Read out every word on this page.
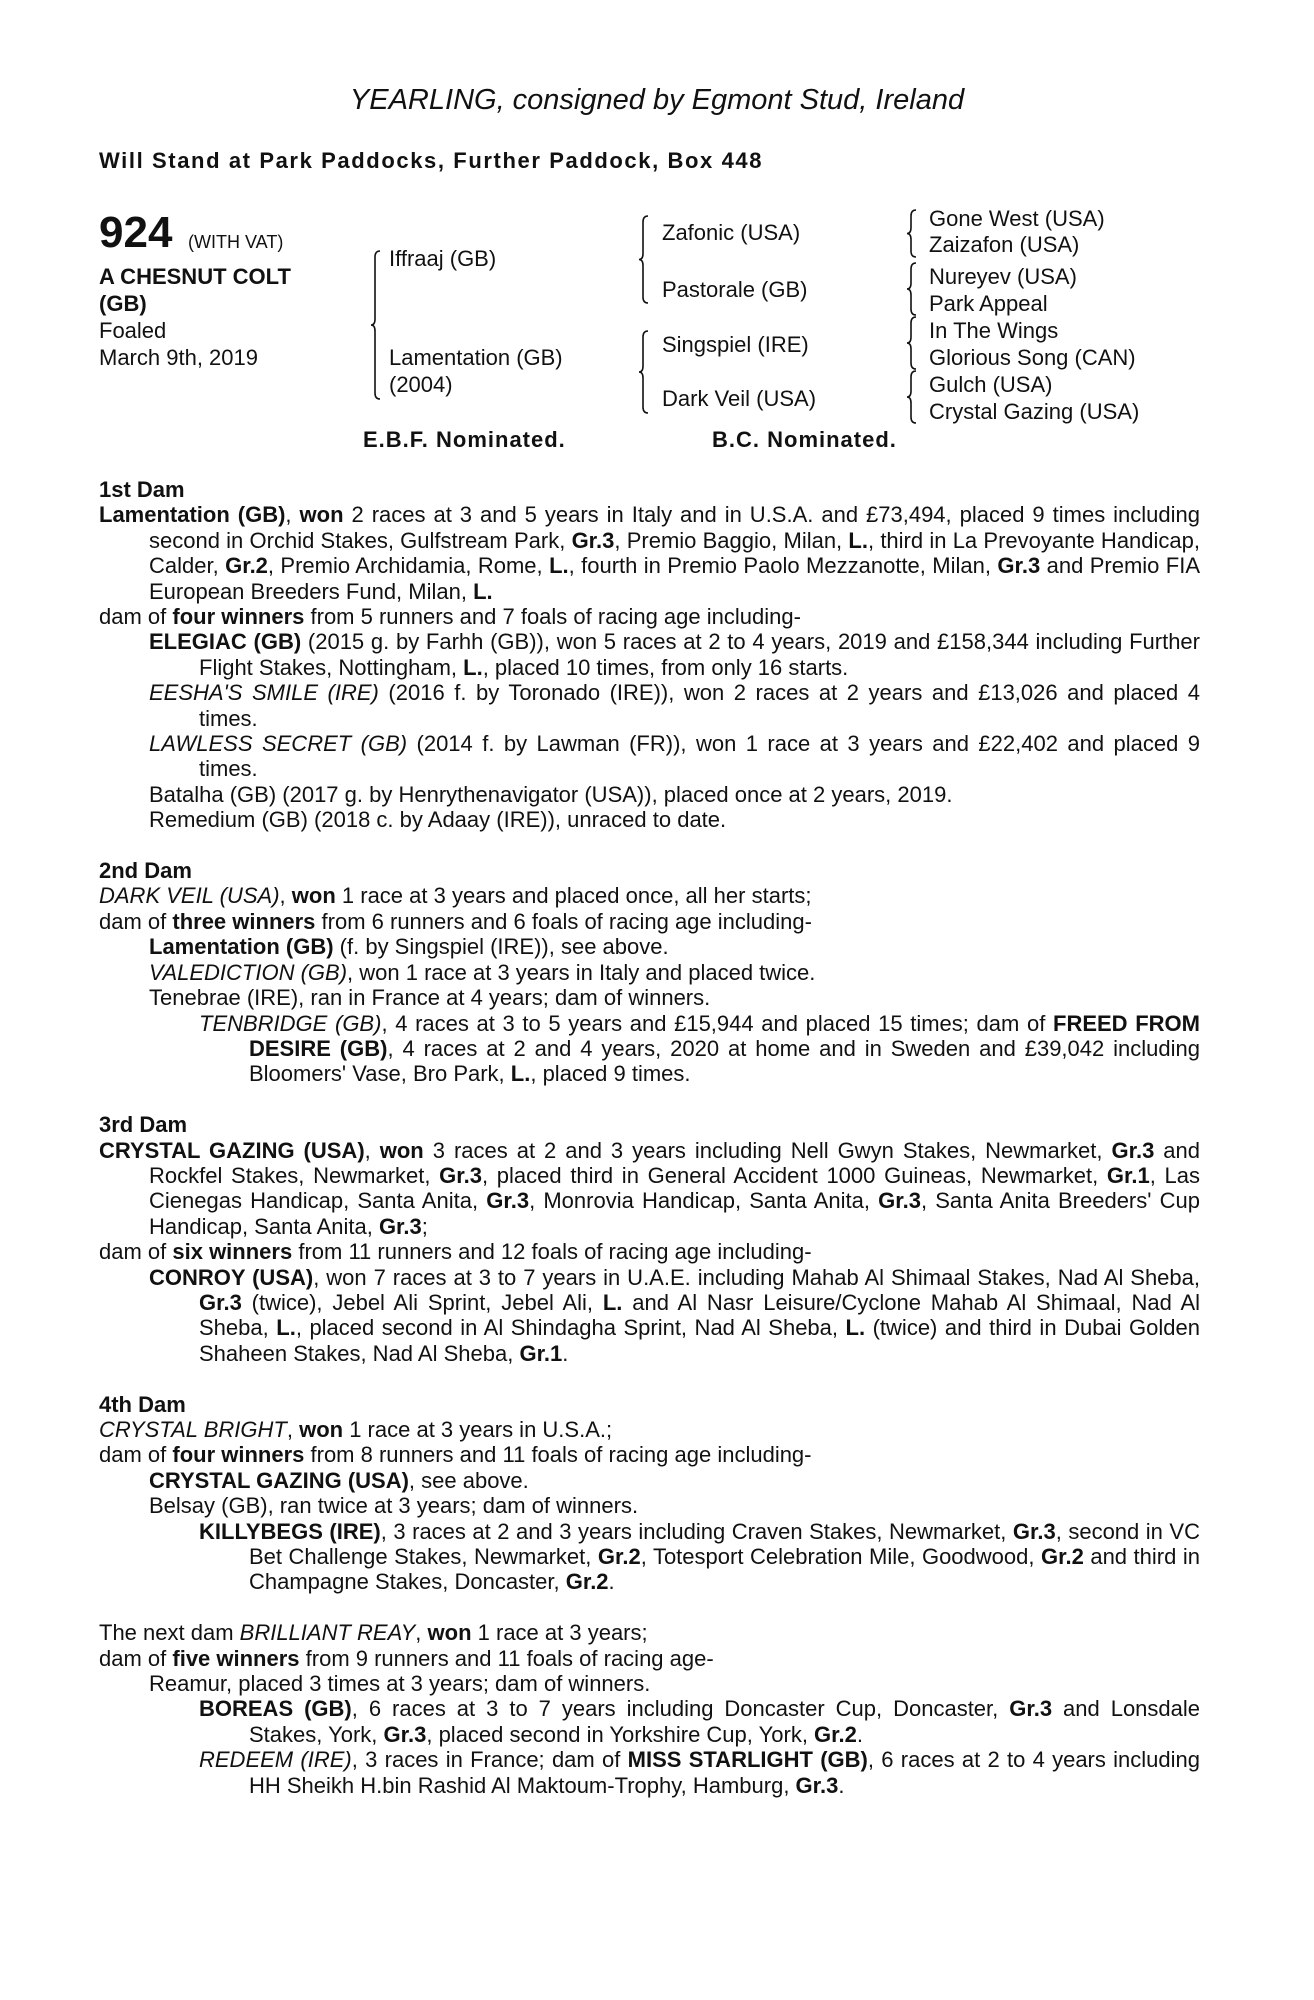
YEARLING, consigned by Egmont Stud, Ireland
Will Stand at Park Paddocks, Further Paddock, Box 448
924 (WITH VAT)
A CHESNUT COLT
(GB)
Foaled
March 9th, 2019
Iffraaj (GB)
Lamentation (GB)
(2004)
Zafonic (USA)
Pastorale (GB)
Singspiel (IRE)
Dark Veil (USA)
Gone West (USA)
Zaizafon (USA)
Nureyev (USA)
Park Appeal
In The Wings
Glorious Song (CAN)
Gulch (USA)
Crystal Gazing (USA)
E.B.F. Nominated.	B.C. Nominated.
1st Dam
Lamentation (GB), won 2 races at 3 and 5 years in Italy and in U.S.A. and £73,494, placed 9 times including second in Orchid Stakes, Gulfstream Park, Gr.3, Premio Baggio, Milan, L., third in La Prevoyante Handicap, Calder, Gr.2, Premio Archidamia, Rome, L., fourth in Premio Paolo Mezzanotte, Milan, Gr.3 and Premio FIA European Breeders Fund, Milan, L.
dam of four winners from 5 runners and 7 foals of racing age including-
ELEGIAC (GB) (2015 g. by Farhh (GB)), won 5 races at 2 to 4 years, 2019 and £158,344 including Further Flight Stakes, Nottingham, L., placed 10 times, from only 16 starts.
EESHA'S SMILE (IRE) (2016 f. by Toronado (IRE)), won 2 races at 2 years and £13,026 and placed 4 times.
LAWLESS SECRET (GB) (2014 f. by Lawman (FR)), won 1 race at 3 years and £22,402 and placed 9 times.
Batalha (GB) (2017 g. by Henrythenavigator (USA)), placed once at 2 years, 2019.
Remedium (GB) (2018 c. by Adaay (IRE)), unraced to date.
2nd Dam
DARK VEIL (USA), won 1 race at 3 years and placed once, all her starts;
dam of three winners from 6 runners and 6 foals of racing age including-
Lamentation (GB) (f. by Singspiel (IRE)), see above.
VALEDICTION (GB), won 1 race at 3 years in Italy and placed twice.
Tenebrae (IRE), ran in France at 4 years; dam of winners.
TENBRIDGE (GB), 4 races at 3 to 5 years and £15,944 and placed 15 times; dam of FREED FROM DESIRE (GB), 4 races at 2 and 4 years, 2020 at home and in Sweden and £39,042 including Bloomers' Vase, Bro Park, L., placed 9 times.
3rd Dam
CRYSTAL GAZING (USA), won 3 races at 2 and 3 years including Nell Gwyn Stakes, Newmarket, Gr.3 and Rockfel Stakes, Newmarket, Gr.3, placed third in General Accident 1000 Guineas, Newmarket, Gr.1, Las Cienegas Handicap, Santa Anita, Gr.3, Monrovia Handicap, Santa Anita, Gr.3, Santa Anita Breeders' Cup Handicap, Santa Anita, Gr.3;
dam of six winners from 11 runners and 12 foals of racing age including-
CONROY (USA), won 7 races at 3 to 7 years in U.A.E. including Mahab Al Shimaal Stakes, Nad Al Sheba, Gr.3 (twice), Jebel Ali Sprint, Jebel Ali, L. and Al Nasr Leisure/Cyclone Mahab Al Shimaal, Nad Al Sheba, L., placed second in Al Shindagha Sprint, Nad Al Sheba, L. (twice) and third in Dubai Golden Shaheen Stakes, Nad Al Sheba, Gr.1.
4th Dam
CRYSTAL BRIGHT, won 1 race at 3 years in U.S.A.;
dam of four winners from 8 runners and 11 foals of racing age including-
CRYSTAL GAZING (USA), see above.
Belsay (GB), ran twice at 3 years; dam of winners.
KILLYBEGS (IRE), 3 races at 2 and 3 years including Craven Stakes, Newmarket, Gr.3, second in VC Bet Challenge Stakes, Newmarket, Gr.2, Totesport Celebration Mile, Goodwood, Gr.2 and third in Champagne Stakes, Doncaster, Gr.2.
The next dam BRILLIANT REAY, won 1 race at 3 years;
dam of five winners from 9 runners and 11 foals of racing age-
Reamur, placed 3 times at 3 years; dam of winners.
BOREAS (GB), 6 races at 3 to 7 years including Doncaster Cup, Doncaster, Gr.3 and Lonsdale Stakes, York, Gr.3, placed second in Yorkshire Cup, York, Gr.2.
REDEEM (IRE), 3 races in France; dam of MISS STARLIGHT (GB), 6 races at 2 to 4 years including HH Sheikh H.bin Rashid Al Maktoum-Trophy, Hamburg, Gr.3.
